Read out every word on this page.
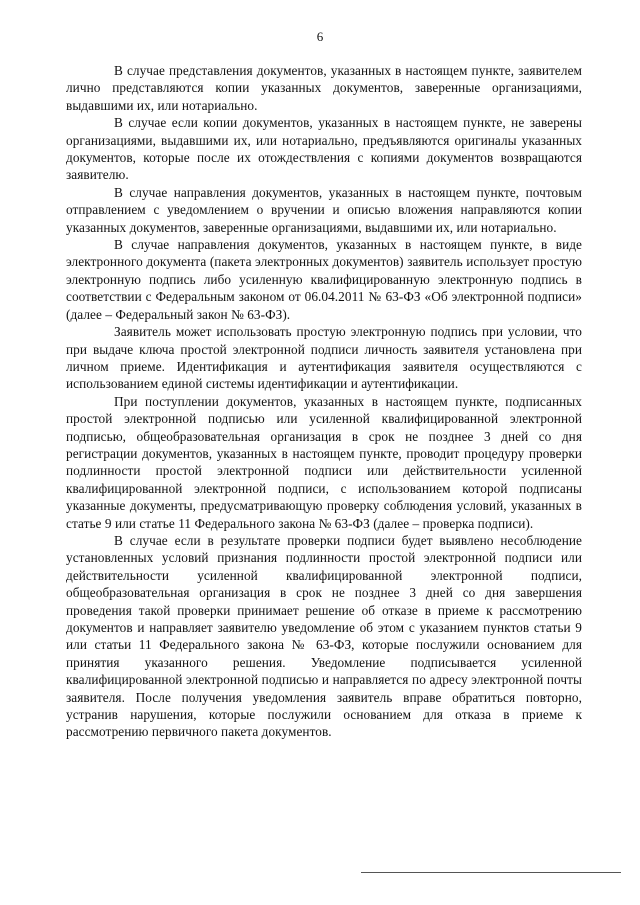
6

В случае представления документов, указанных в настоящем пункте, заявителем лично представляются копии указанных документов, заверенные организациями, выдавшими их, или нотариально.

В случае если копии документов, указанных в настоящем пункте, не заверены организациями, выдавшими их, или нотариально, предъявляются оригиналы указанных документов, которые после их отождествления с копиями документов возвращаются заявителю.

В случае направления документов, указанных в настоящем пункте, почтовым отправлением с уведомлением о вручении и описью вложения направляются копии указанных документов, заверенные организациями, выдавшими их, или нотариально.

В случае направления документов, указанных в настоящем пункте, в виде электронного документа (пакета электронных документов) заявитель использует простую электронную подпись либо усиленную квалифицированную электронную подпись в соответствии с Федеральным законом от 06.04.2011 № 63-ФЗ «Об электронной подписи» (далее – Федеральный закон № 63-ФЗ).

Заявитель может использовать простую электронную подпись при условии, что при выдаче ключа простой электронной подписи личность заявителя установлена при личном приеме. Идентификация и аутентификация заявителя осуществляются с использованием единой системы идентификации и аутентификации.

При поступлении документов, указанных в настоящем пункте, подписанных простой электронной подписью или усиленной квалифицированной электронной подписью, общеобразовательная организация в срок не позднее 3 дней со дня регистрации документов, указанных в настоящем пункте, проводит процедуру проверки подлинности простой электронной подписи или действительности усиленной квалифицированной электронной подписи, с использованием которой подписаны указанные документы, предусматривающую проверку соблюдения условий, указанных в статье 9 или статье 11 Федерального закона № 63-ФЗ (далее – проверка подписи).

В случае если в результате проверки подписи будет выявлено несоблюдение установленных условий признания подлинности простой электронной подписи или действительности усиленной квалифицированной электронной подписи, общеобразовательная организация в срок не позднее 3 дней со дня завершения проведения такой проверки принимает решение об отказе в приеме к рассмотрению документов и направляет заявителю уведомление об этом с указанием пунктов статьи 9 или статьи 11 Федерального закона № 63-ФЗ, которые послужили основанием для принятия указанного решения. Уведомление подписывается усиленной квалифицированной электронной подписью и направляется по адресу электронной почты заявителя. После получения уведомления заявитель вправе обратиться повторно, устранив нарушения, которые послужили основанием для отказа в приеме к рассмотрению первичного пакета документов.
